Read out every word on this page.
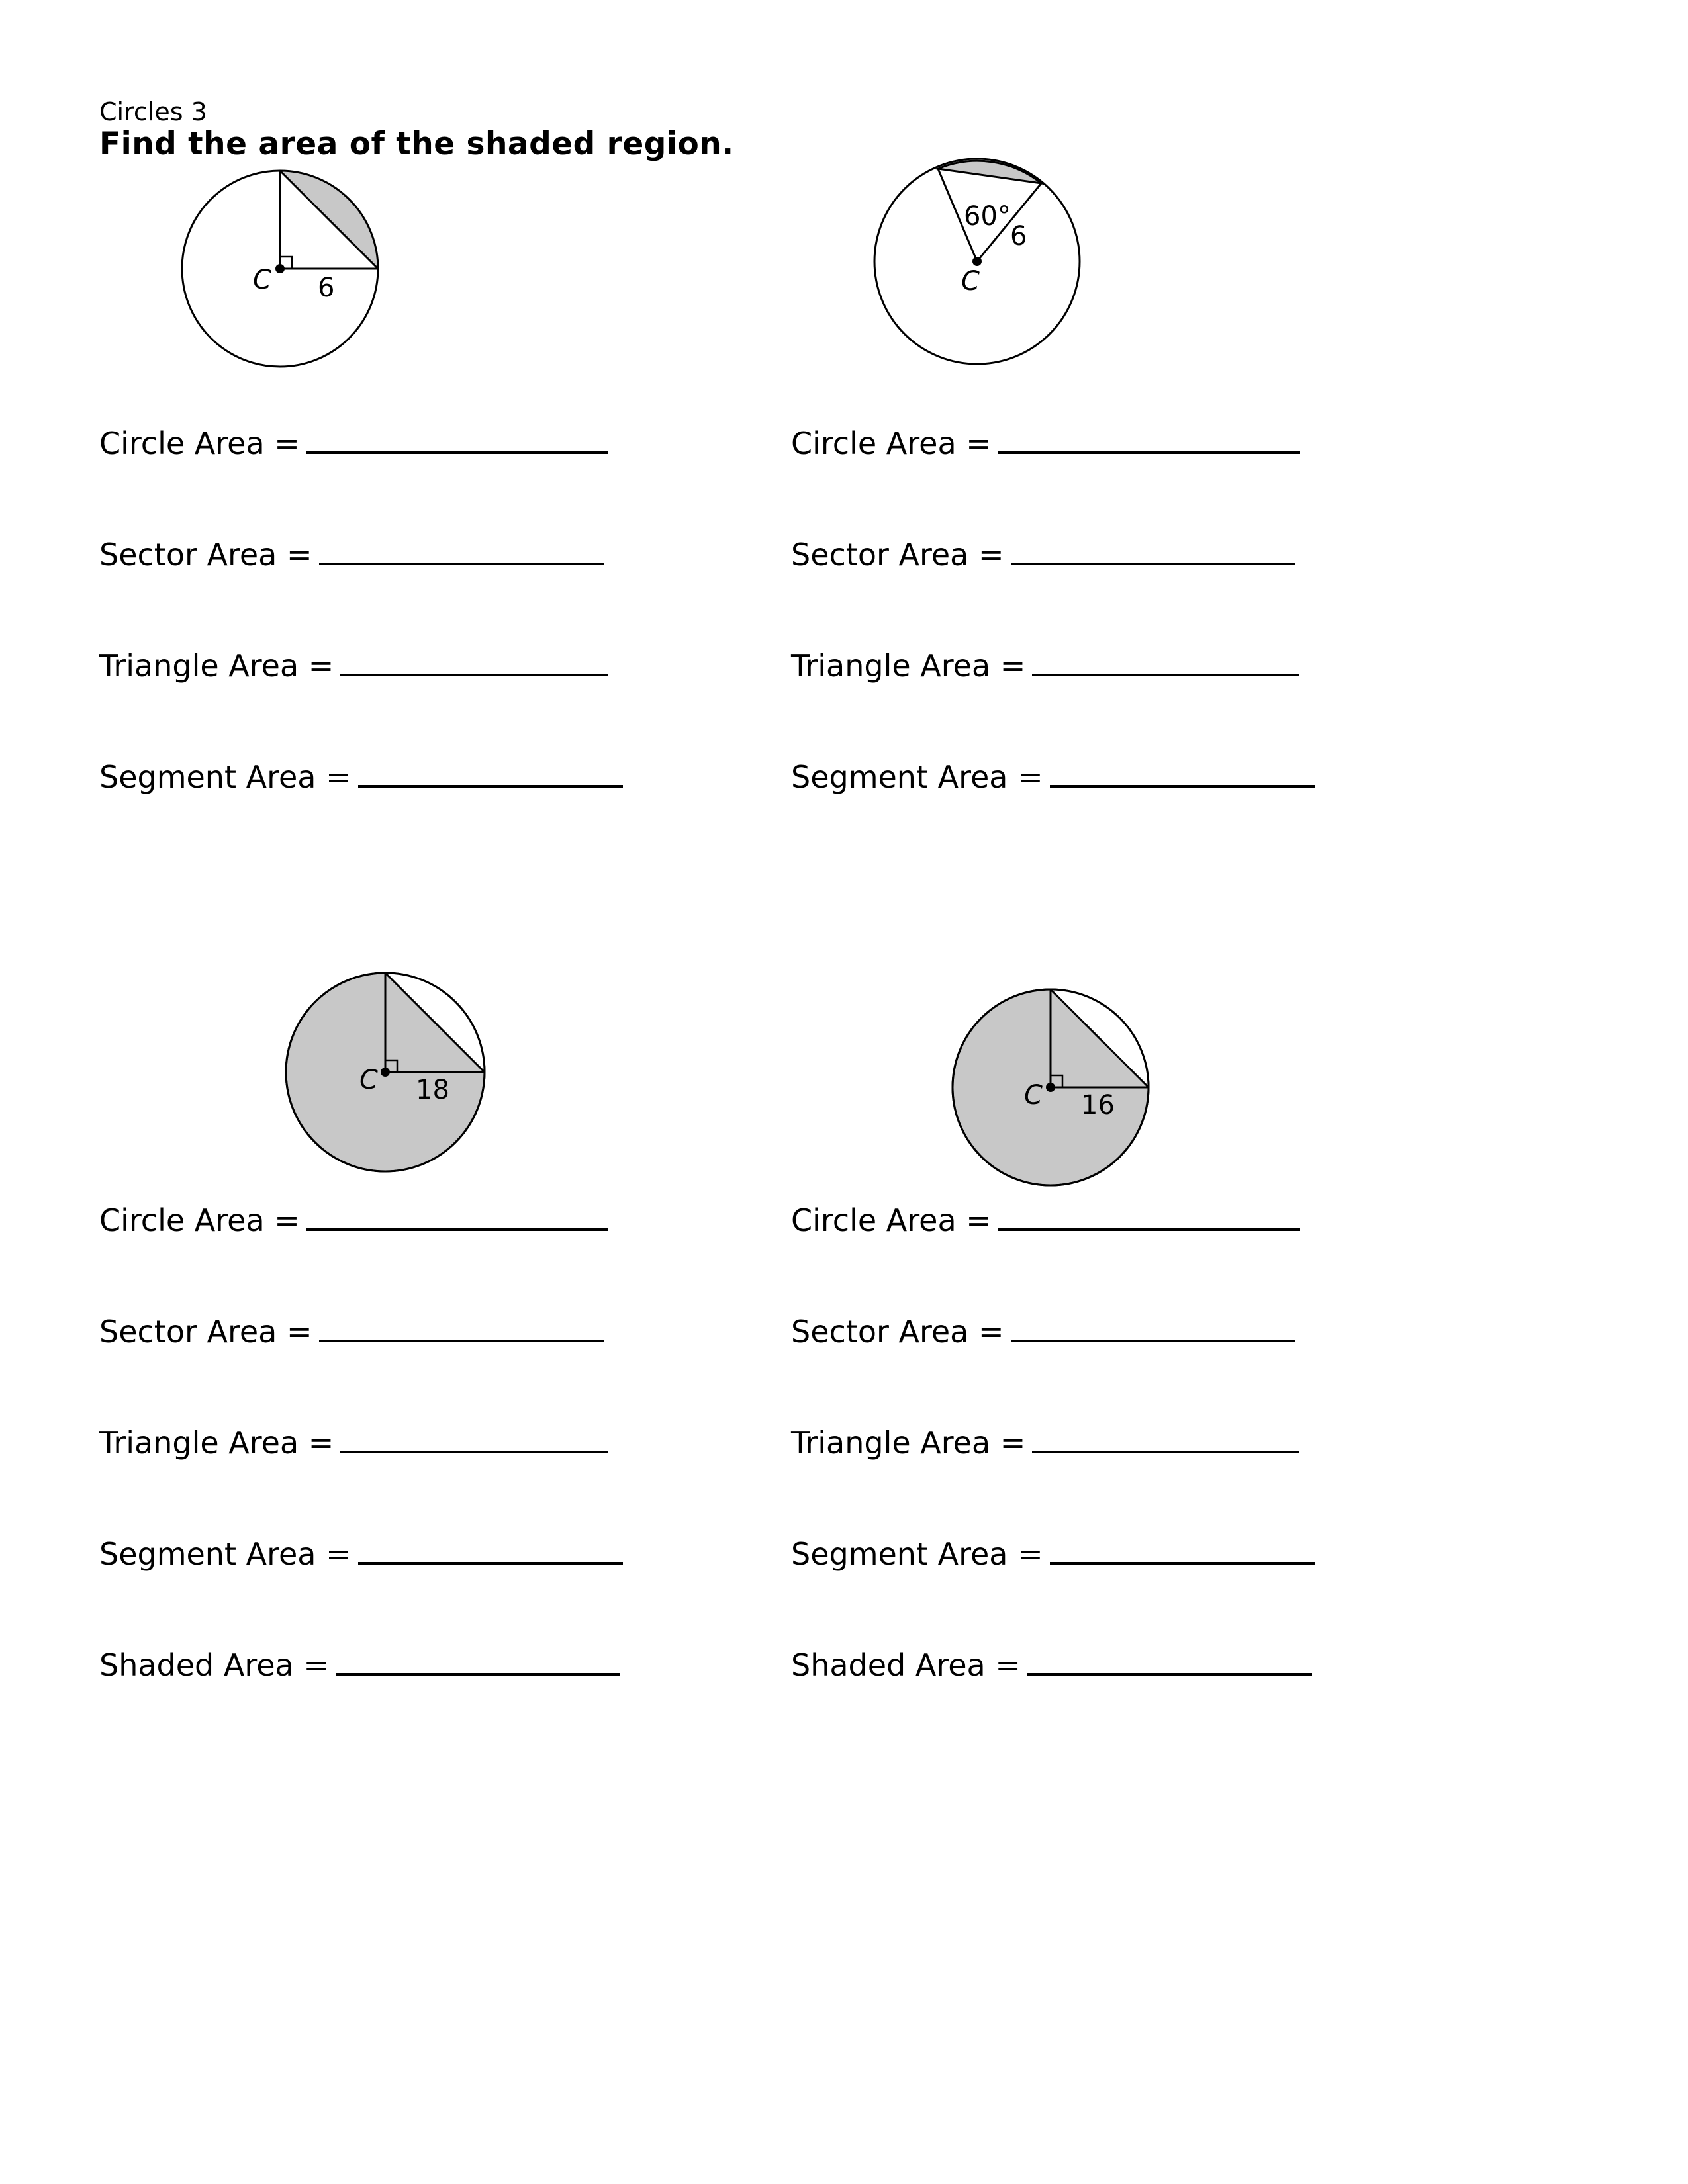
Circles 3
Find the area of the shaded region.
C 6
60°
6
C
C 18	C 16
Circle Area =
Sector Area =
Triangle Area =
Segment Area =
Circle Area =
Sector Area =
Triangle Area =
Segment Area =
Circle Area =
Sector Area =
Triangle Area =
Segment Area =
Shaded Area =
Circle Area =
Sector Area =
Triangle Area =
Segment Area =
Shaded Area =
